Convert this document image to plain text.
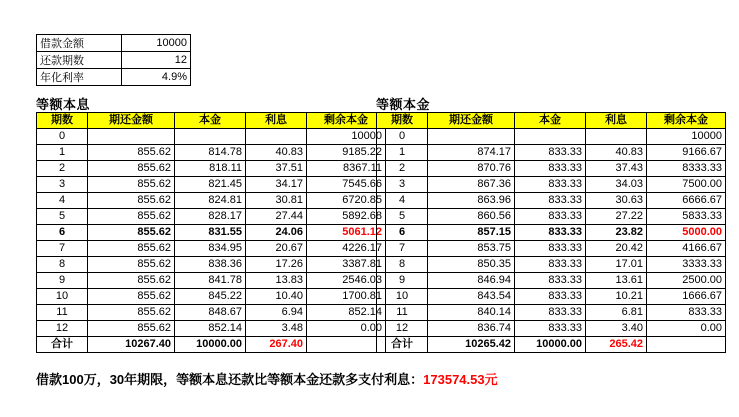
借款金额	10000
还款期数	12
年化利率	4.9%
等额本息	等额本金
期数	期还金额	本金	利息	剩余本金
0				10000
1	855.62	814.78	40.83	9185.22
2	855.62	818.11	37.51	8367.11
3	855.62	821.45	34.17	7545.66
4	855.62	824.81	30.81	6720.85
5	855.62	828.17	27.44	5892.68
6	855.62	831.55	24.06	5061.12
7	855.62	834.95	20.67	4226.17
8	855.62	838.36	17.26	3387.81
9	855.62	841.78	13.83	2546.03
10	855.62	845.22	10.40	1700.81
11	855.62	848.67	6.94	852.14
12	855.62	852.14	3.48	0.00
合计	10267.40	10000.00	267.40	
期数	期还金额	本金	利息	剩余本金
0				10000
1	874.17	833.33	40.83	9166.67
2	870.76	833.33	37.43	8333.33
3	867.36	833.33	34.03	7500.00
4	863.96	833.33	30.63	6666.67
5	860.56	833.33	27.22	5833.33
6	857.15	833.33	23.82	5000.00
7	853.75	833.33	20.42	4166.67
8	850.35	833.33	17.01	3333.33
9	846.94	833.33	13.61	2500.00
10	843.54	833.33	10.21	1666.67
11	840.14	833.33	6.81	833.33
12	836.74	833.33	3.40	0.00
合计	10265.42	10000.00	265.42	
借款100万，30年期限，等额本息还款比等额本金还款多支付利息：173574.53元
